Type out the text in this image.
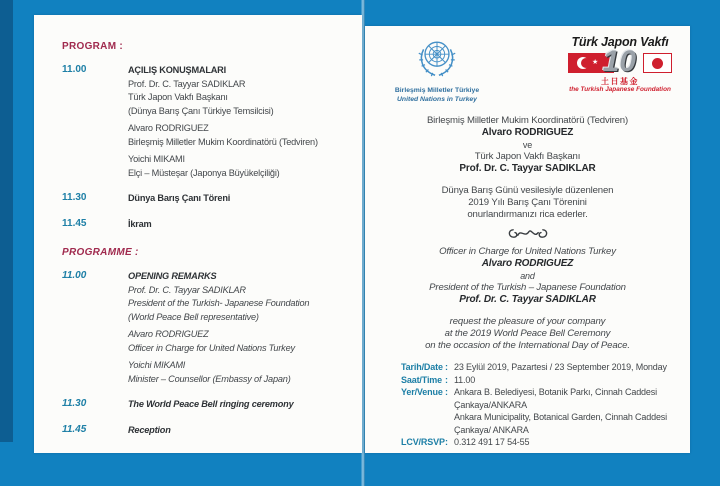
PROGRAM :
11.00	AÇILIŞ KONUŞMALARI
Prof. Dr. C. Tayyar SADIKLAR
Türk Japon Vakfı Başkanı
(Dünya Barış Çanı Türkiye Temsilcisi)
Alvaro RODRIGUEZ
Birleşmiş Milletler Mukim Koordinatörü (Tedviren)
Yoichi MIKAMI
Elçi – Müsteşar (Japonya Büyükelçiliği)
11.30	Dünya Barış Çanı Töreni
11.45	İkram
PROGRAMME :
11.00	OPENING REMARKS
Prof. Dr. C. Tayyar SADIKLAR
President of the Turkish- Japanese Foundation
(World Peace Bell representative)
Alvaro RODRIGUEZ
Officer in Charge for United Nations Turkey
Yoichi MIKAMI
Minister – Counsellor (Embassy of Japan)
11.30	The World Peace Bell ringing ceremony
11.45	Reception
Birleşmiş Milletler Türkiye
United Nations in Turkey
Türk Japon Vakfı
★ 10
土日基金
the Turkish Japanese Foundation
Birleşmiş Milletler Mukim Koordinatörü (Tedviren)
Alvaro RODRIGUEZ
ve
Türk Japon Vakfı Başkanı
Prof. Dr. C. Tayyar SADIKLAR
Dünya Barış Günü vesilesiyle düzenlenen
2019 Yılı Barış Çanı Törenini
onurlandırmanızı rica ederler.
Officer in Charge for United Nations Turkey
Alvaro RODRIGUEZ
and
President of the Turkish – Japanese Foundation
Prof. Dr. C. Tayyar SADIKLAR
request the pleasure of your company
at the 2019 World Peace Bell Ceremony
on the occasion of the International Day of Peace.
Tarih/Date : 23 Eylül 2019, Pazartesi / 23 September 2019, Monday
Saat/Time : 11.00
Yer/Venue : Ankara B. Belediyesi, Botanik Parkı, Cinnah Caddesi
Çankaya/ANKARA
Ankara Municipality, Botanical Garden, Cinnah Caddesi
Çankaya/ ANKARA
LCV/RSVP : 0.312 491 17 54-55
